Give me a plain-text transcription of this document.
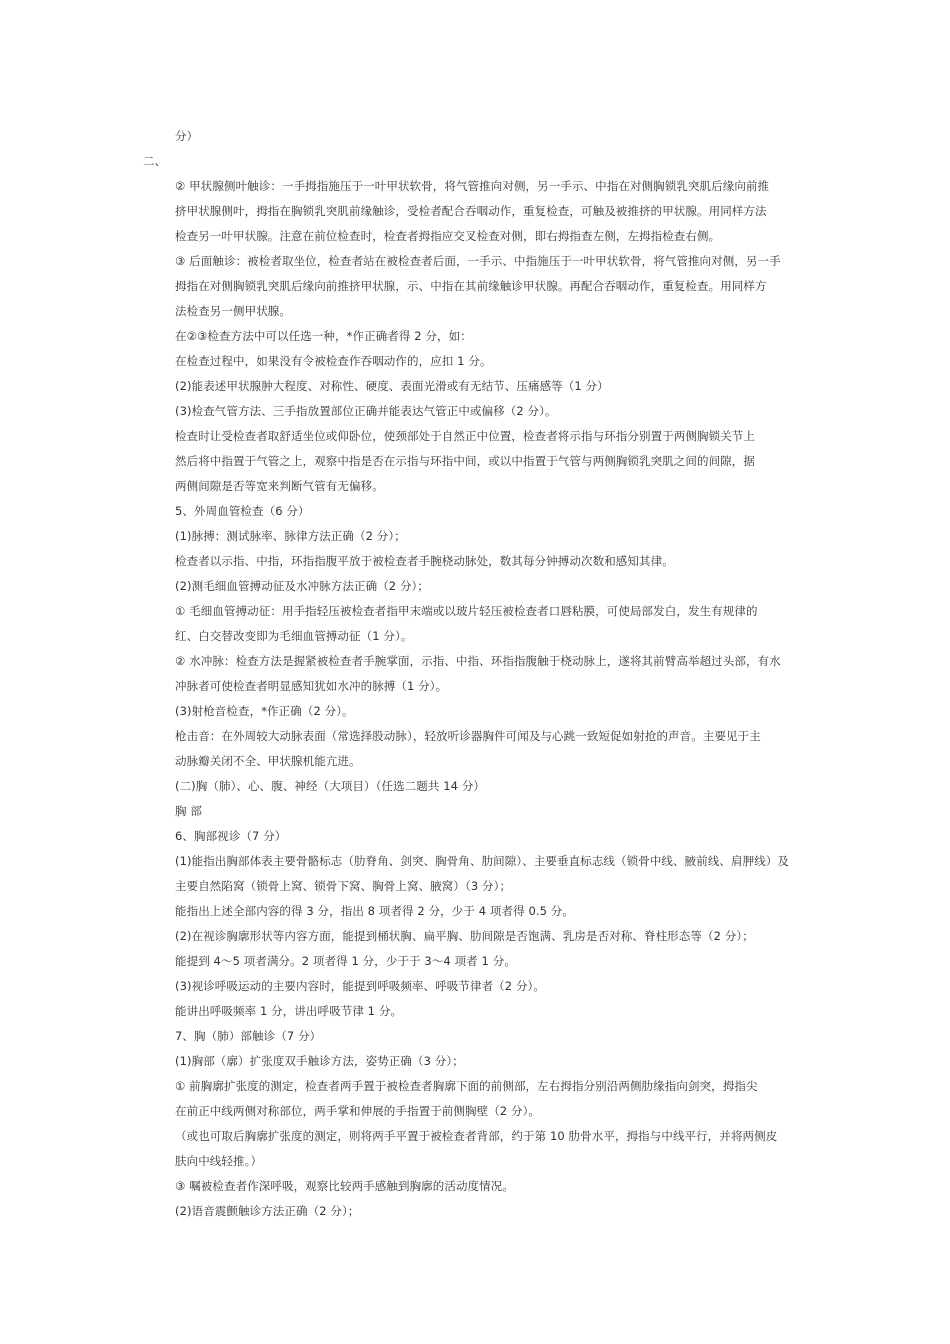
分）
二、
② 甲状腺侧叶触诊：一手拇指施压于一叶甲状软骨，将气管推向对侧，另一手示、中指在对侧胸锁乳突肌后缘向前推
挤甲状腺侧叶，拇指在胸锁乳突肌前缘触诊，受检者配合吞咽动作，重复检查，可触及被推挤的甲状腺。用同样方法
检查另一叶甲状腺。注意在前位检查时，检查者拇指应交叉检查对侧，即右拇指查左侧，左拇指检查右侧。
③ 后面触诊：被检者取坐位，检查者站在被检查者后面，一手示、中指施压于一叶甲状软骨，将气管推向对侧，另一手
拇指在对侧胸锁乳突肌后缘向前推挤甲状腺，示、中指在其前缘触诊甲状腺。再配合吞咽动作，重复检查。用同样方
法检查另一侧甲状腺。
在②③检查方法中可以任选一种，*作正确者得 2 分，如：
在检查过程中，如果没有令被检查作吞咽动作的，应扣 1 分。
(2)能表述甲状腺肿大程度、对称性、硬度、表面光滑或有无结节、压痛感等（1 分）
(3)检查气管方法、三手指放置部位正确并能表达气管正中或偏移（2 分）。
检查时让受检查者取舒适坐位或仰卧位，使颈部处于自然正中位置，检查者将示指与环指分别置于两侧胸锁关节上
然后将中指置于气管之上，观察中指是否在示指与环指中间，或以中指置于气管与两侧胸锁乳突肌之间的间隙，据
两侧间隙是否等宽来判断气管有无偏移。
5、外周血管检查（6 分）
(1)脉搏：测试脉率、脉律方法正确（2 分）；
检查者以示指、中指，环指指腹平放于被检查者手腕桡动脉处，数其每分钟搏动次数和感知其律。
(2)测毛细血管搏动征及水冲脉方法正确（2 分）；
① 毛细血管搏动征：用手指轻压被检查者指甲末端或以玻片轻压被检查者口唇粘膜，可使局部发白，发生有规律的
红、白交替改变即为毛细血管搏动征（1 分）。
② 水冲脉：检查方法是握紧被检查者手腕掌面，示指、中指、环指指腹触于桡动脉上，遂将其前臂高举超过头部，有水
冲脉者可使检查者明显感知犹如水冲的脉搏（1 分）。
(3)射枪音检查，*作正确（2 分）。
枪击音：在外周较大动脉表面（常选择股动脉），轻放听诊器胸件可闻及与心跳一致短促如射抢的声音。主要见于主
动脉瓣关闭不全、甲状腺机能亢进。
(二)胸（肺）、心、腹、神经（大项目）（任选二题共 14 分）
胸 部
6、胸部视诊（7 分）
(1)能指出胸部体表主要骨骼标志（肋脊角、剑突、胸骨角、肋间隙）、主要垂直标志线（锁骨中线、腋前线、肩胛线）及
主要自然陷窝（锁骨上窝、锁骨下窝、胸骨上窝、腋窝）（3 分）；
能指出上述全部内容的得 3 分，指出 8 项者得 2 分，少于 4 项者得 0.5 分。
(2)在视诊胸廓形状等内容方面，能提到桶状胸、扁平胸、肋间隙是否饱满、乳房是否对称、脊柱形态等（2 分）；
能提到 4～5 项者满分。2 项者得 1 分，少于于 3～4 项者 1 分。
(3)视诊呼吸运动的主要内容时，能提到呼吸频率、呼吸节律者（2 分）。
能讲出呼吸频率 1 分，讲出呼吸节律 1 分。
7、胸（肺）部触诊（7 分）
(1)胸部（廓）扩张度双手触诊方法，姿势正确（3 分）；
① 前胸廓扩张度的测定，检查者两手置于被检查者胸廓下面的前侧部，左右拇指分别沿两侧肋缘指向剑突，拇指尖
在前正中线两侧对称部位，两手掌和伸展的手指置于前侧胸壁（2 分）。
（或也可取后胸廓扩张度的测定，则将两手平置于被检查者背部，约于第 10 肋骨水平，拇指与中线平行，并将两侧皮
肤向中线轻推。）
③ 嘱被检查者作深呼吸，观察比较两手感触到胸廓的活动度情况。
(2)语音震颤触诊方法正确（2 分）；
